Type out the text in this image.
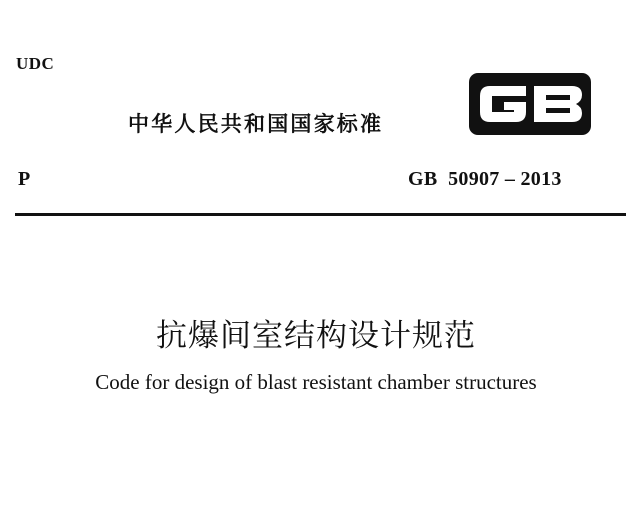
UDC
中华人民共和国国家标准
P	GB  50907 – 2013
抗爆间室结构设计规范
Code for design of blast resistant chamber structures
